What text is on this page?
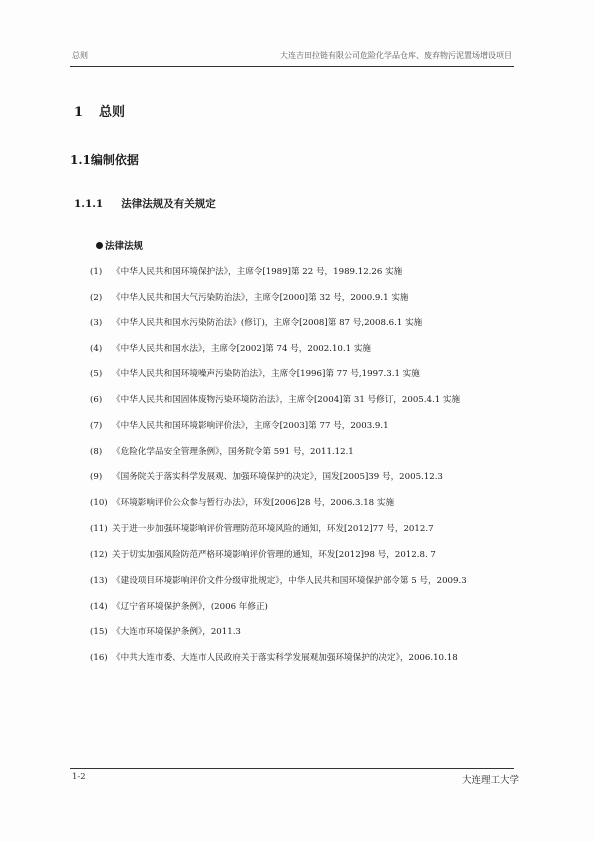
总则	大连吉田拉链有限公司危险化学品仓库、废弃物污泥置场增设项目
1 总则
1.1编制依据
1.1.1 法律法规及有关规定
法律法规
(1)	《中华人民共和国环境保护法》，主席令[1989]第 22 号，1989.12.26 实施
(2)	《中华人民共和国大气污染防治法》，主席令[2000]第 32 号，2000.9.1 实施
(3)	《中华人民共和国水污染防治法》(修订)，主席令[2008]第 87 号,2008.6.1 实施
(4)	《中华人民共和国水法》，主席令[2002]第 74 号，2002.10.1 实施
(5)	《中华人民共和国环境噪声污染防治法》，主席令[1996]第 77 号,1997.3.1 实施
(6)	《中华人民共和国固体废物污染环境防治法》，主席令[2004]第 31 号修订，2005.4.1 实施
(7)	《中华人民共和国环境影响评价法》，主席令[2003]第 77 号，2003.9.1
(8)	《危险化学品安全管理条例》，国务院令第 591 号，2011.12.1
(9)	《国务院关于落实科学发展观、加强环境保护的决定》，国发[2005]39 号，2005.12.3
(10) 《环境影响评价公众参与暂行办法》，环发[2006]28 号，2006.3.18 实施
(11) 关于进一步加强环境影响评价管理防范环境风险的通知，环发[2012]77 号，2012.7
(12) 关于切实加强风险防范严格环境影响评价管理的通知，环发[2012]98 号，2012.8. 7
(13) 《建设项目环境影响评价文件分级审批规定》，中华人民共和国环境保护部令第 5 号，2009.3
(14) 《辽宁省环境保护条例》，(2006 年修正)
(15) 《大连市环境保护条例》，2011.3
(16) 《中共大连市委、大连市人民政府关于落实科学发展观加强环境保护的决定》，2006.10.18
1-2	大连理工大学
